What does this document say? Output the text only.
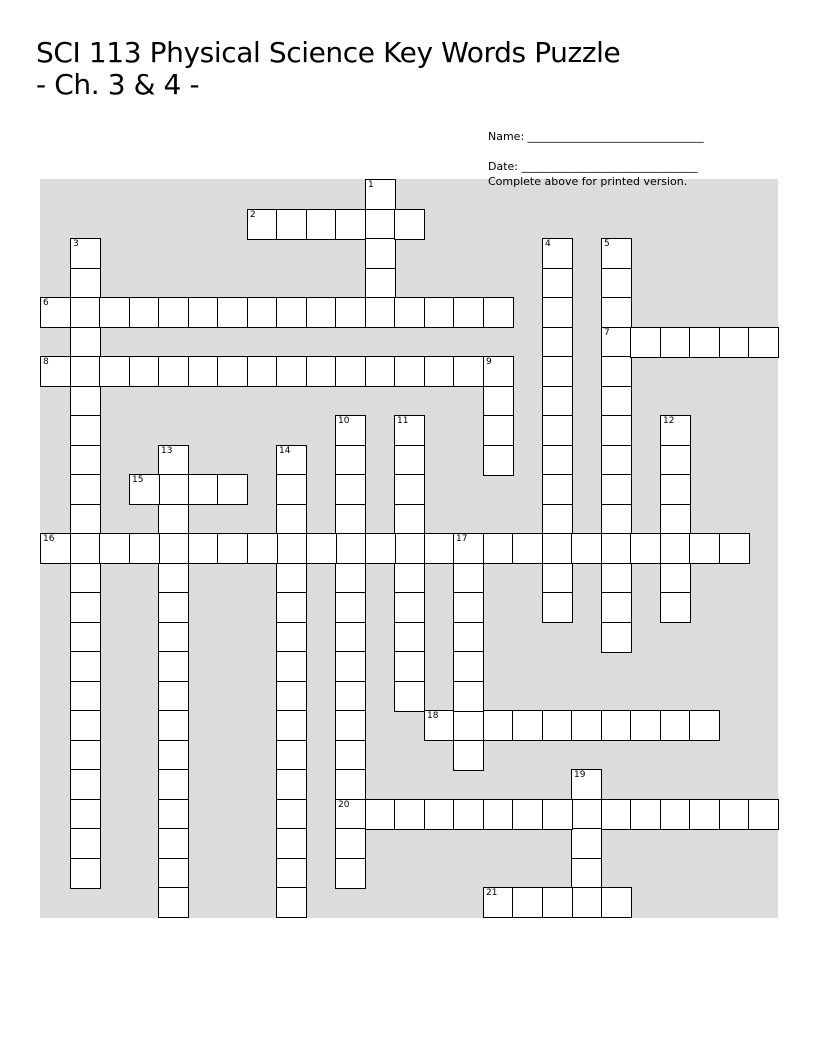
SCI 113 Physical Science Key Words Puzzle
- Ch. 3 & 4 -
1
2
3	4	5
7
6
8	9
10
20
11	12
13	14
15
16	17
18
19
21
Name: ________________________________
Date: ________________________________
Complete above for printed version.
